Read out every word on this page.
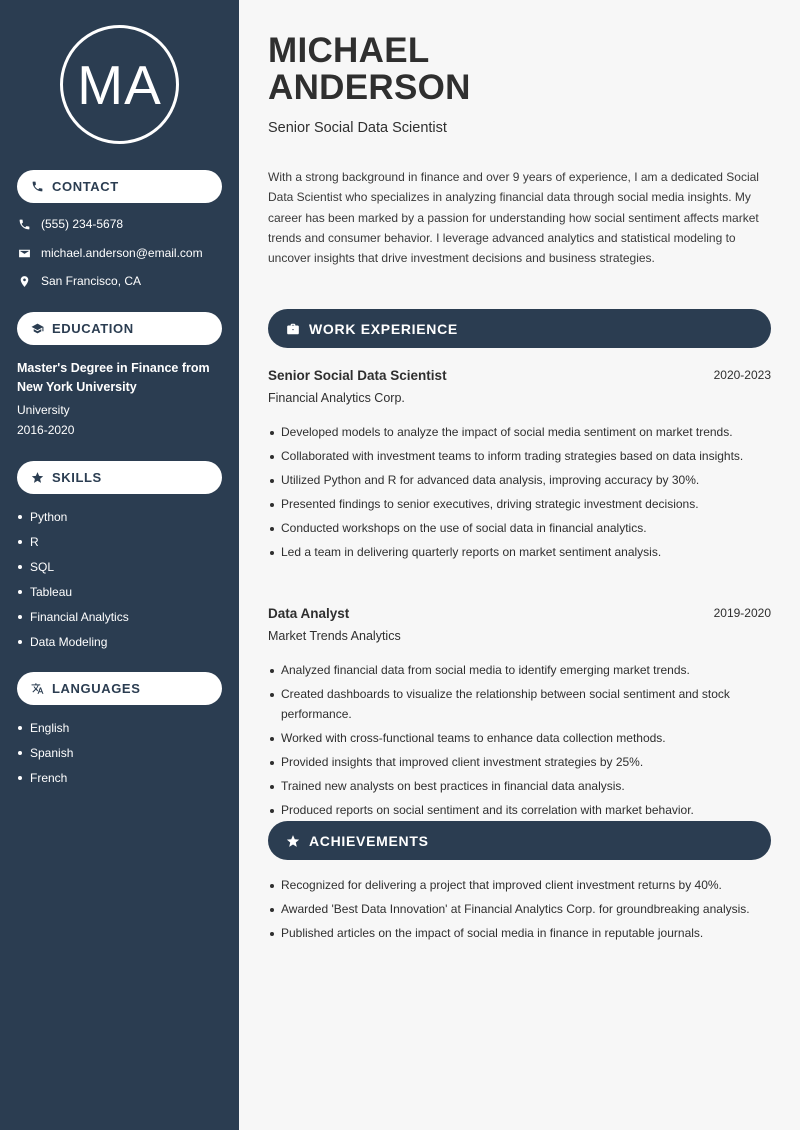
MA
CONTACT
(555) 234-5678
michael.anderson@email.com
San Francisco, CA
EDUCATION
Master's Degree in Finance from New York University
University
2016-2020
SKILLS
Python
R
SQL
Tableau
Financial Analytics
Data Modeling
LANGUAGES
English
Spanish
French
MICHAEL
ANDERSON
Senior Social Data Scientist

With a strong background in finance and over 9 years of experience, I am a dedicated Social Data Scientist who specializes in analyzing financial data through social media insights. My career has been marked by a passion for understanding how social sentiment affects market trends and consumer behavior. I leverage advanced analytics and statistical modeling to uncover insights that drive investment decisions and business strategies.

WORK EXPERIENCE
Senior Social Data Scientist	2020-2023
Financial Analytics Corp.
Developed models to analyze the impact of social media sentiment on market trends.
Collaborated with investment teams to inform trading strategies based on data insights.
Utilized Python and R for advanced data analysis, improving accuracy by 30%.
Presented findings to senior executives, driving strategic investment decisions.
Conducted workshops on the use of social data in financial analytics.
Led a team in delivering quarterly reports on market sentiment analysis.
Data Analyst	2019-2020
Market Trends Analytics
Analyzed financial data from social media to identify emerging market trends.
Created dashboards to visualize the relationship between social sentiment and stock performance.
Worked with cross-functional teams to enhance data collection methods.
Provided insights that improved client investment strategies by 25%.
Trained new analysts on best practices in financial data analysis.
Produced reports on social sentiment and its correlation with market behavior.
ACHIEVEMENTS
Recognized for delivering a project that improved client investment returns by 40%.
Awarded 'Best Data Innovation' at Financial Analytics Corp. for groundbreaking analysis.
Published articles on the impact of social media in finance in reputable journals.
